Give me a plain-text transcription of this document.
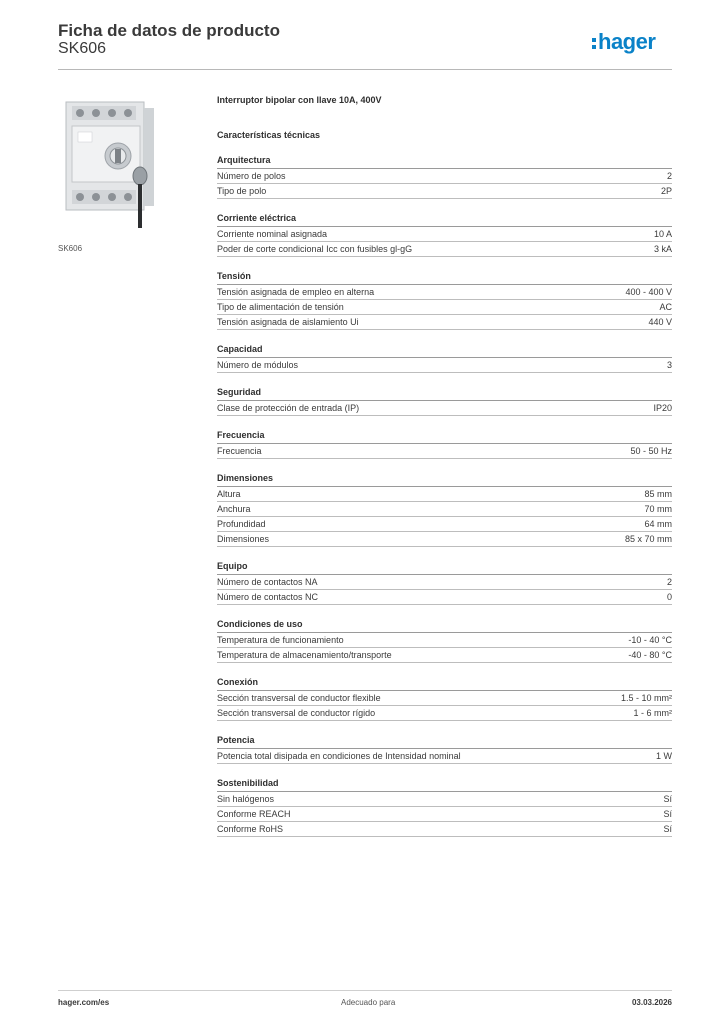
Ficha de datos de producto
SK606	hager
SK606
Interruptor bipolar con llave 10A, 400V
Características técnicas
Arquitectura
Número de polos	2
Tipo de polo	2P
Corriente eléctrica
Corriente nominal asignada	10 A
Poder de corte condicional Icc con fusibles gl-gG	3 kA
Tensión
Tensión asignada de empleo en alterna	400 - 400 V
Tipo de alimentación de tensión	AC
Tensión asignada de aislamiento Ui	440 V
Capacidad
Número de módulos	3
Seguridad
Clase de protección de entrada (IP)	IP20
Frecuencia
Frecuencia	50 - 50 Hz
Dimensiones
Altura	85 mm
Anchura	70 mm
Profundidad	64 mm
Dimensiones	85 x 70 mm
Equipo
Número de contactos NA	2
Número de contactos NC	0
Condiciones de uso
Temperatura de funcionamiento	-10 - 40 °C
Temperatura de almacenamiento/transporte	-40 - 80 °C
Conexión
Sección transversal de conductor flexible	1.5 - 10 mm²
Sección transversal de conductor rígido	1 - 6 mm²
Potencia
Potencia total disipada en condiciones de Intensidad nominal	1 W
Sostenibilidad
Sin halógenos	Sí
Conforme REACH	Sí
Conforme RoHS	Sí
hager.com/es	Adecuado para	03.03.2026
